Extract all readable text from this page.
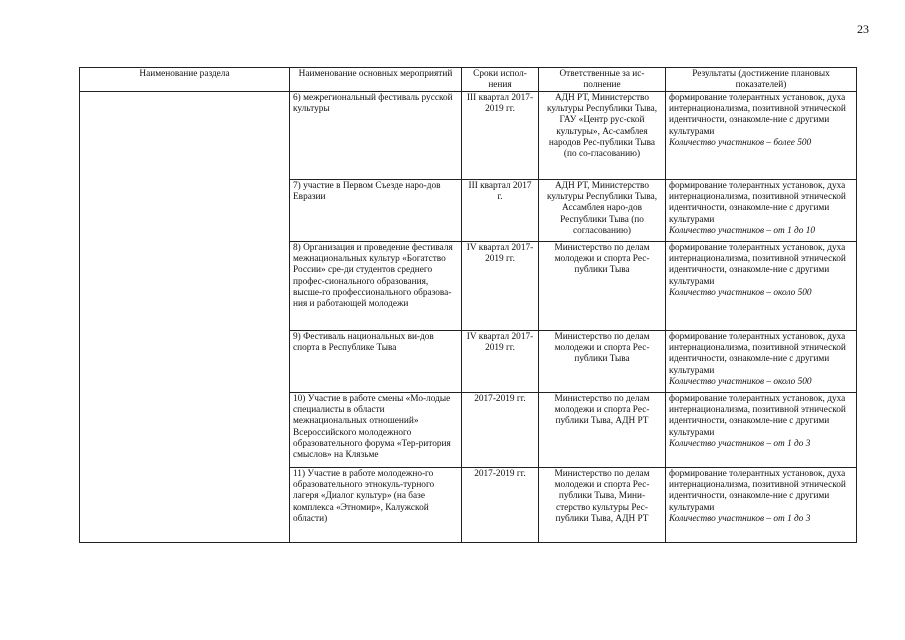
23
Наименование раздела	Наименование основных мероприятий	Сроки испол-нения	Ответственные за ис-полнение	Результаты (достижение плановых показателей)
	6) межрегиональный фестиваль русской культуры	III квартал 2017-2019 гг.	АДН РТ, Министерство культуры Республики Тыва, ГАУ «Центр рус-ской культуры», Ас-самблея народов Рес-публики Тыва (по со-гласованию)	формирование толерантных установок, духа интернационализма, позитивной этнической идентичности, ознакомле-ние с другими культурами
Количество участников – более 500

	7) участие в Первом Съезде наро-дов Евразии	III квартал 2017 г.	АДН РТ, Министерство культуры Республики Тыва, Ассамблея наро-дов Республики Тыва (по согласованию)	формирование толерантных установок, духа интернационализма, позитивной этнической идентичности, ознакомле-ние с другими культурами
Количество участников – от 1 до 10

	8) Организация и проведение фестиваля межнациональных культур «Богатство России» сре-ди студентов среднего профес-сионального образования, высше-го профессионального образова-ния и работающей молодежи	IV квартал 2017-2019 гг.	Министерство по делам молодежи и спорта Рес-публики Тыва	формирование толерантных установок, духа интернационализма, позитивной этнической идентичности, ознакомле-ние с другими культурами
Количество участников – около 500

	9) Фестиваль национальных ви-дов спорта в Республике Тыва	IV квартал 2017-2019 гг.	Министерство по делам молодежи и спорта Рес-публики Тыва	формирование толерантных установок, духа интернационализма, позитивной этнической идентичности, ознакомле-ние с другими культурами
Количество участников – около 500

	10) Участие в работе смены «Мо-лодые специалисты в области межнациональных отношений» Всероссийского молодежного образовательного форума «Тер-ритория смыслов» на Клязьме	2017-2019 гг.	Министерство по делам молодежи и спорта Рес-публики Тыва, АДН РТ	формирование толерантных установок, духа интернационализма, позитивной этнической идентичности, ознакомле-ние с другими культурами
Количество участников – от 1 до 3

	11) Участие в работе молодежно-го образовательного этнокуль-турного лагеря «Диалог культур» (на базе комплекса «Этномир», Калужской области)	2017-2019 гг.	Министерство по делам молодежи и спорта Рес-публики Тыва, Мини-стерство культуры Рес-публики Тыва, АДН РТ	формирование толерантных установок, духа интернационализма, позитивной этнической идентичности, ознакомле-ние с другими культурами
Количество участников – от 1 до 3
